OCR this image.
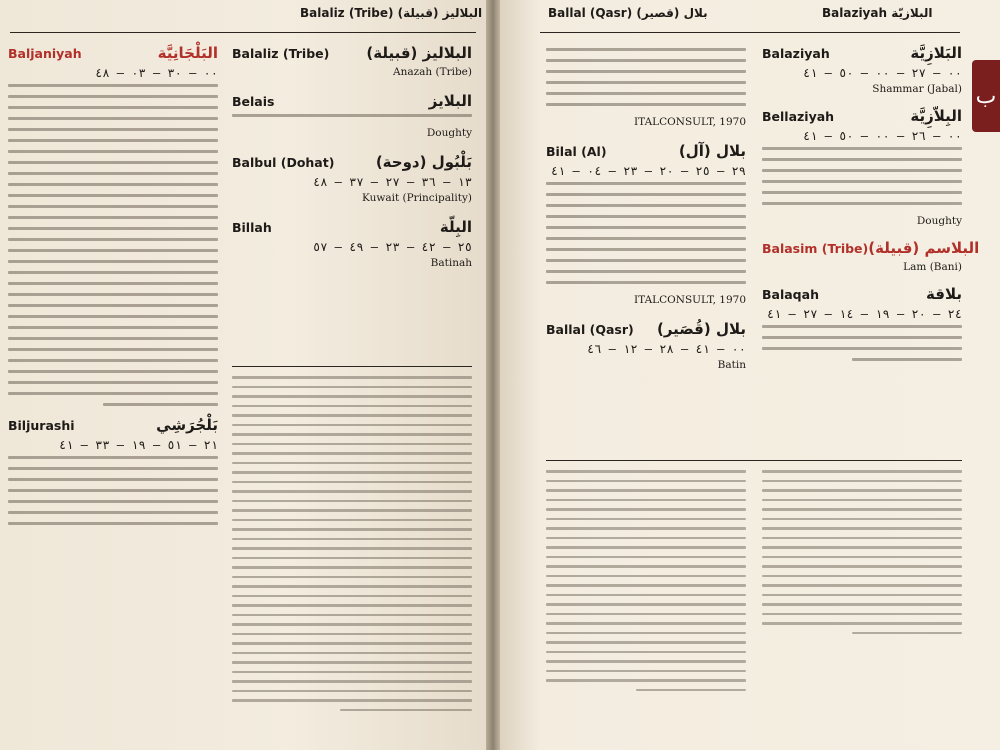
Balaliz (Tribe) (البلاليز (قبيلة
Baljaniyah	البَلْجَانِيَّة
٠٠ – ٣٠ – ٠٣ – ٤٨
Biljurashi	بَلْجُرَشِي
٢١ – ٥١ – ١٩ – ٣٣ – ٤١
Balaliz (Tribe) البلاليز (قبيلة)
Anazah (Tribe)
Belais	البلايز
Doughty
Balbul (Dohat)	بَلْبُول (دوحة)
١٣ – ٣٦ – ٢٧ – ٣٧ – ٤٨
Kuwait (Principality)
Billah	البِلّة
٢٥ – ٤٢ – ٢٣ – ٤٩ – ٥٧
Batinah
Ballal (Qasr) (بلال (قصير	Balaziyah البلازيّة
ب
ITALCONSULT, 1970
Bilal (Al)	بلال (آل)
٢٩ – ٢٥ – ٢٠ – ٢٣ – ٠٤ – ٤١
ITALCONSULT, 1970
Ballal (Qasr) بلال (قُصَير)
٠٠ – ٤١ – ٢٨ – ١٢ – ٤٦
Batin
Balaziyah	البَلازِيَّة
٠٠ – ٢٧ – ٠٠ – ٥٠ – ٤١
Shammar (Jabal)
Bellaziyah	البِلاّزِيَّة
٠٠ – ٢٦ – ٠٠ – ٥٠ – ٤١
Doughty
Balasim (Tribe) البلاسم (قبيلة)
Lam (Bani)
Balaqah	بلاقة
٢٤ – ٢٠ – ١٩ – ١٤ – ٢٧ – ٤١
